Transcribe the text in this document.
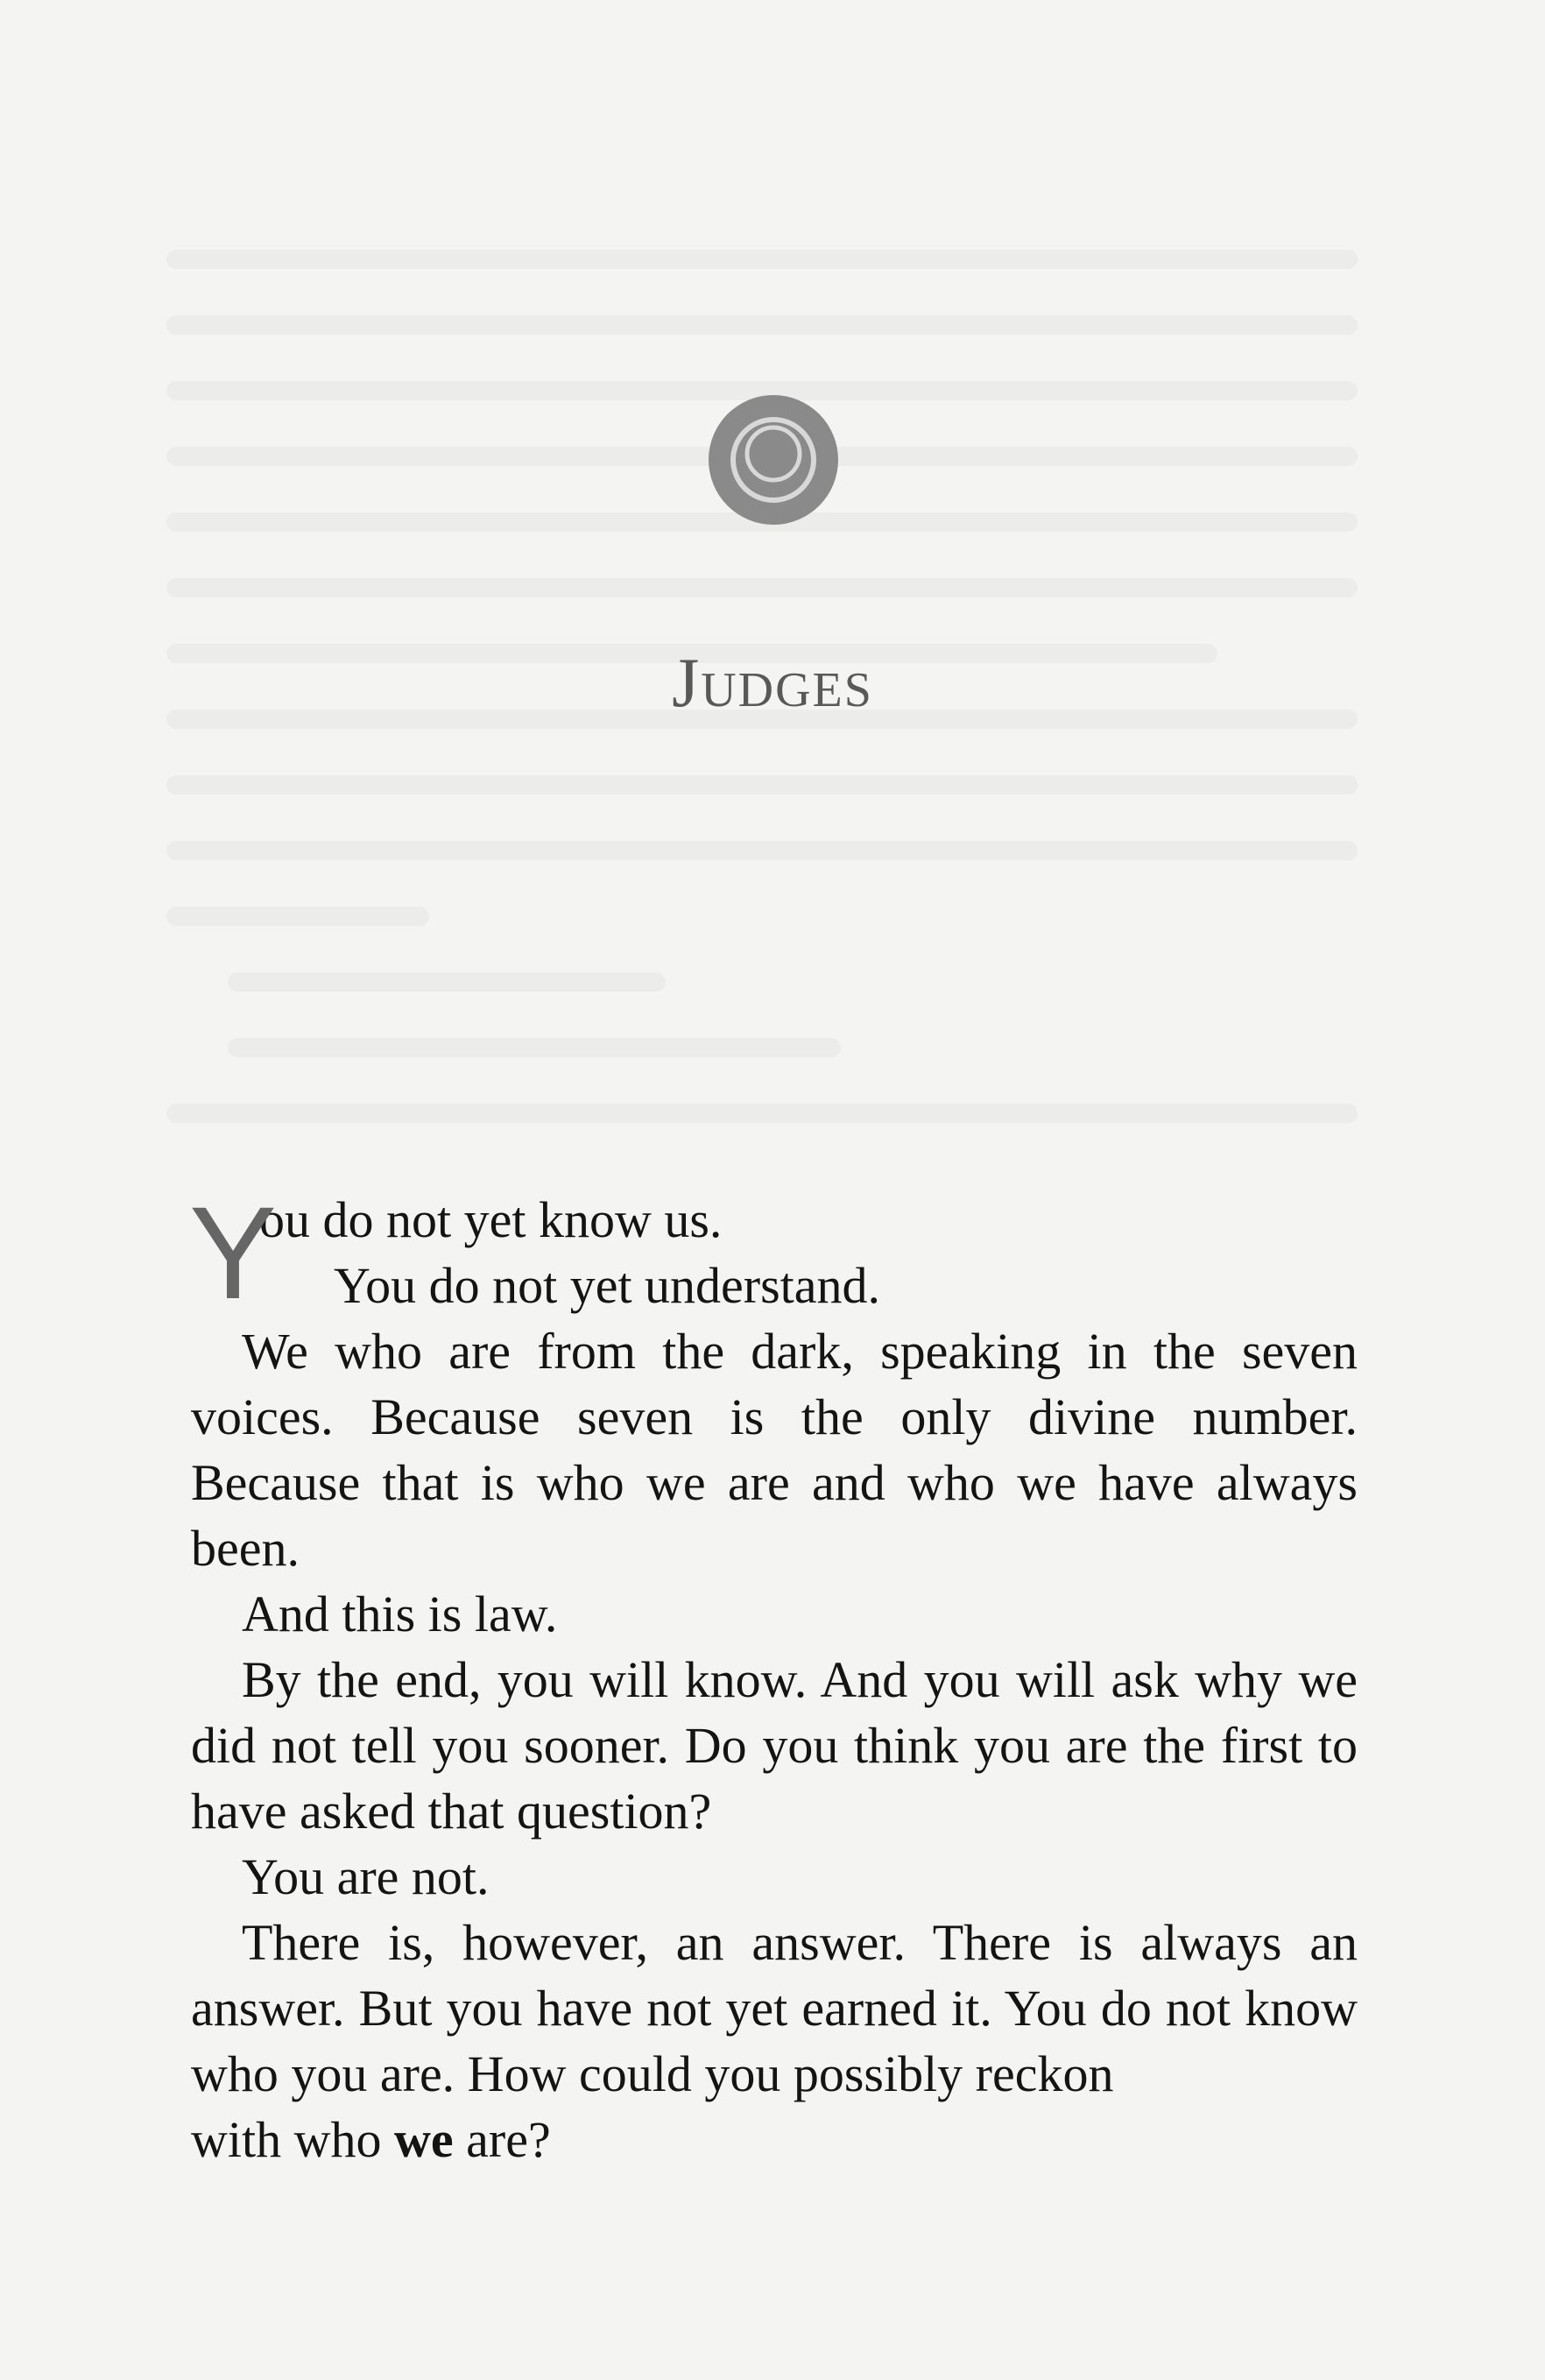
Judges
Y
ou do not yet know us.
You do not yet understand.

We who are from the dark, speaking in the seven voices. Because seven is the only divine number. Because that is who we are and who we have always been.

And this is law.

By the end, you will know. And you will ask why we did not tell you sooner. Do you think you are the first to have asked that question?

You are not.

There is, however, an answer. There is always an answer. But you have not yet earned it. You do not know who you are. How could you possibly reckon

with who we are?
